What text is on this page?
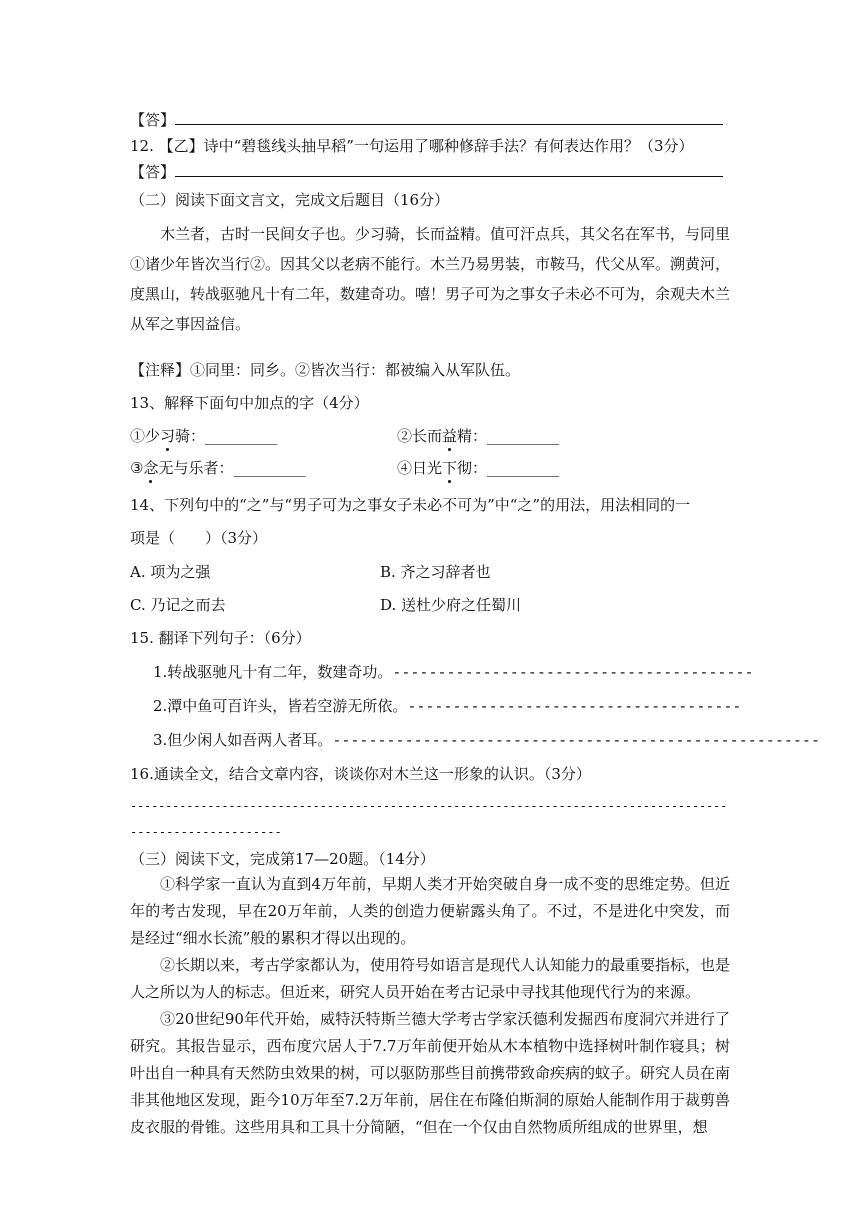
【答】
12. 【乙】诗中“碧毯线头抽早稻”一句运用了哪种修辞手法？有何表达作用？（3分）
【答】
（二）阅读下面文言文，完成文后题目（16分）
木兰者，古时一民间女子也。少习骑，长而益精。值可汗点兵，其父名在军书，与同里①诸少年皆次当行②。因其父以老病不能行。木兰乃易男装，市鞍马，代父从军。溯黄河，度黑山，转战驱驰凡十有二年，数建奇功。嘻！男子可为之事女子未必不可为，余观夫木兰从军之事因益信。
【注释】①同里：同乡。②皆次当行：都被编入从军队伍。
13、解释下面句中加点的字（4分）
①少习骑：________	②长而益精：________
③念无与乐者：________	④日光下彻：________
14、下列句中的“之”与“男子可为之事女子未必不可为”中“之”的用法，用法相同的一
项是（　　）（3分）
A. 项为之强	B. 齐之习辞者也
C. 乃记之而去	D. 送杜少府之任蜀川
15. 翻译下列句子：（6分）
1.转战驱驰凡十有二年，数建奇功。----------------------------------------
2.潭中鱼可百许头，皆若空游无所依。-------------------------------------
3.但少闲人如吾两人者耳。------------------------------------------------------
16.通读全文，结合文章内容，谈谈你对木兰这一形象的认识。（3分）
-------------------------------------------------------------------------------------
---------------------
（三）阅读下文，完成第17—20题。（14分）
①科学家一直认为直到4万年前，早期人类才开始突破自身一成不变的思维定势。但近年的考古发现，早在20万年前，人类的创造力便崭露头角了。不过，不是进化中突发，而是经过“细水长流”般的累积才得以出现的。
②长期以来，考古学家都认为，使用符号如语言是现代人认知能力的最重要指标，也是人之所以为人的标志。但近来，研究人员开始在考古记录中寻找其他现代行为的来源。
③20世纪90年代开始，威特沃特斯兰德大学考古学家沃德利发掘西布度洞穴并进行了研究。其报告显示，西布度穴居人于7.7万年前便开始从木本植物中选择树叶制作寝具；树叶出自一种具有天然防虫效果的树，可以驱防那些目前携带致命疾病的蚊子。研究人员在南非其他地区发现，距今10万年至7.2万年前，居住在布隆伯斯洞的原始人能制作用于裁剪兽皮衣服的骨锥。这些用具和工具十分简陋，“但在一个仅由自然物质所组成的世界里，想
